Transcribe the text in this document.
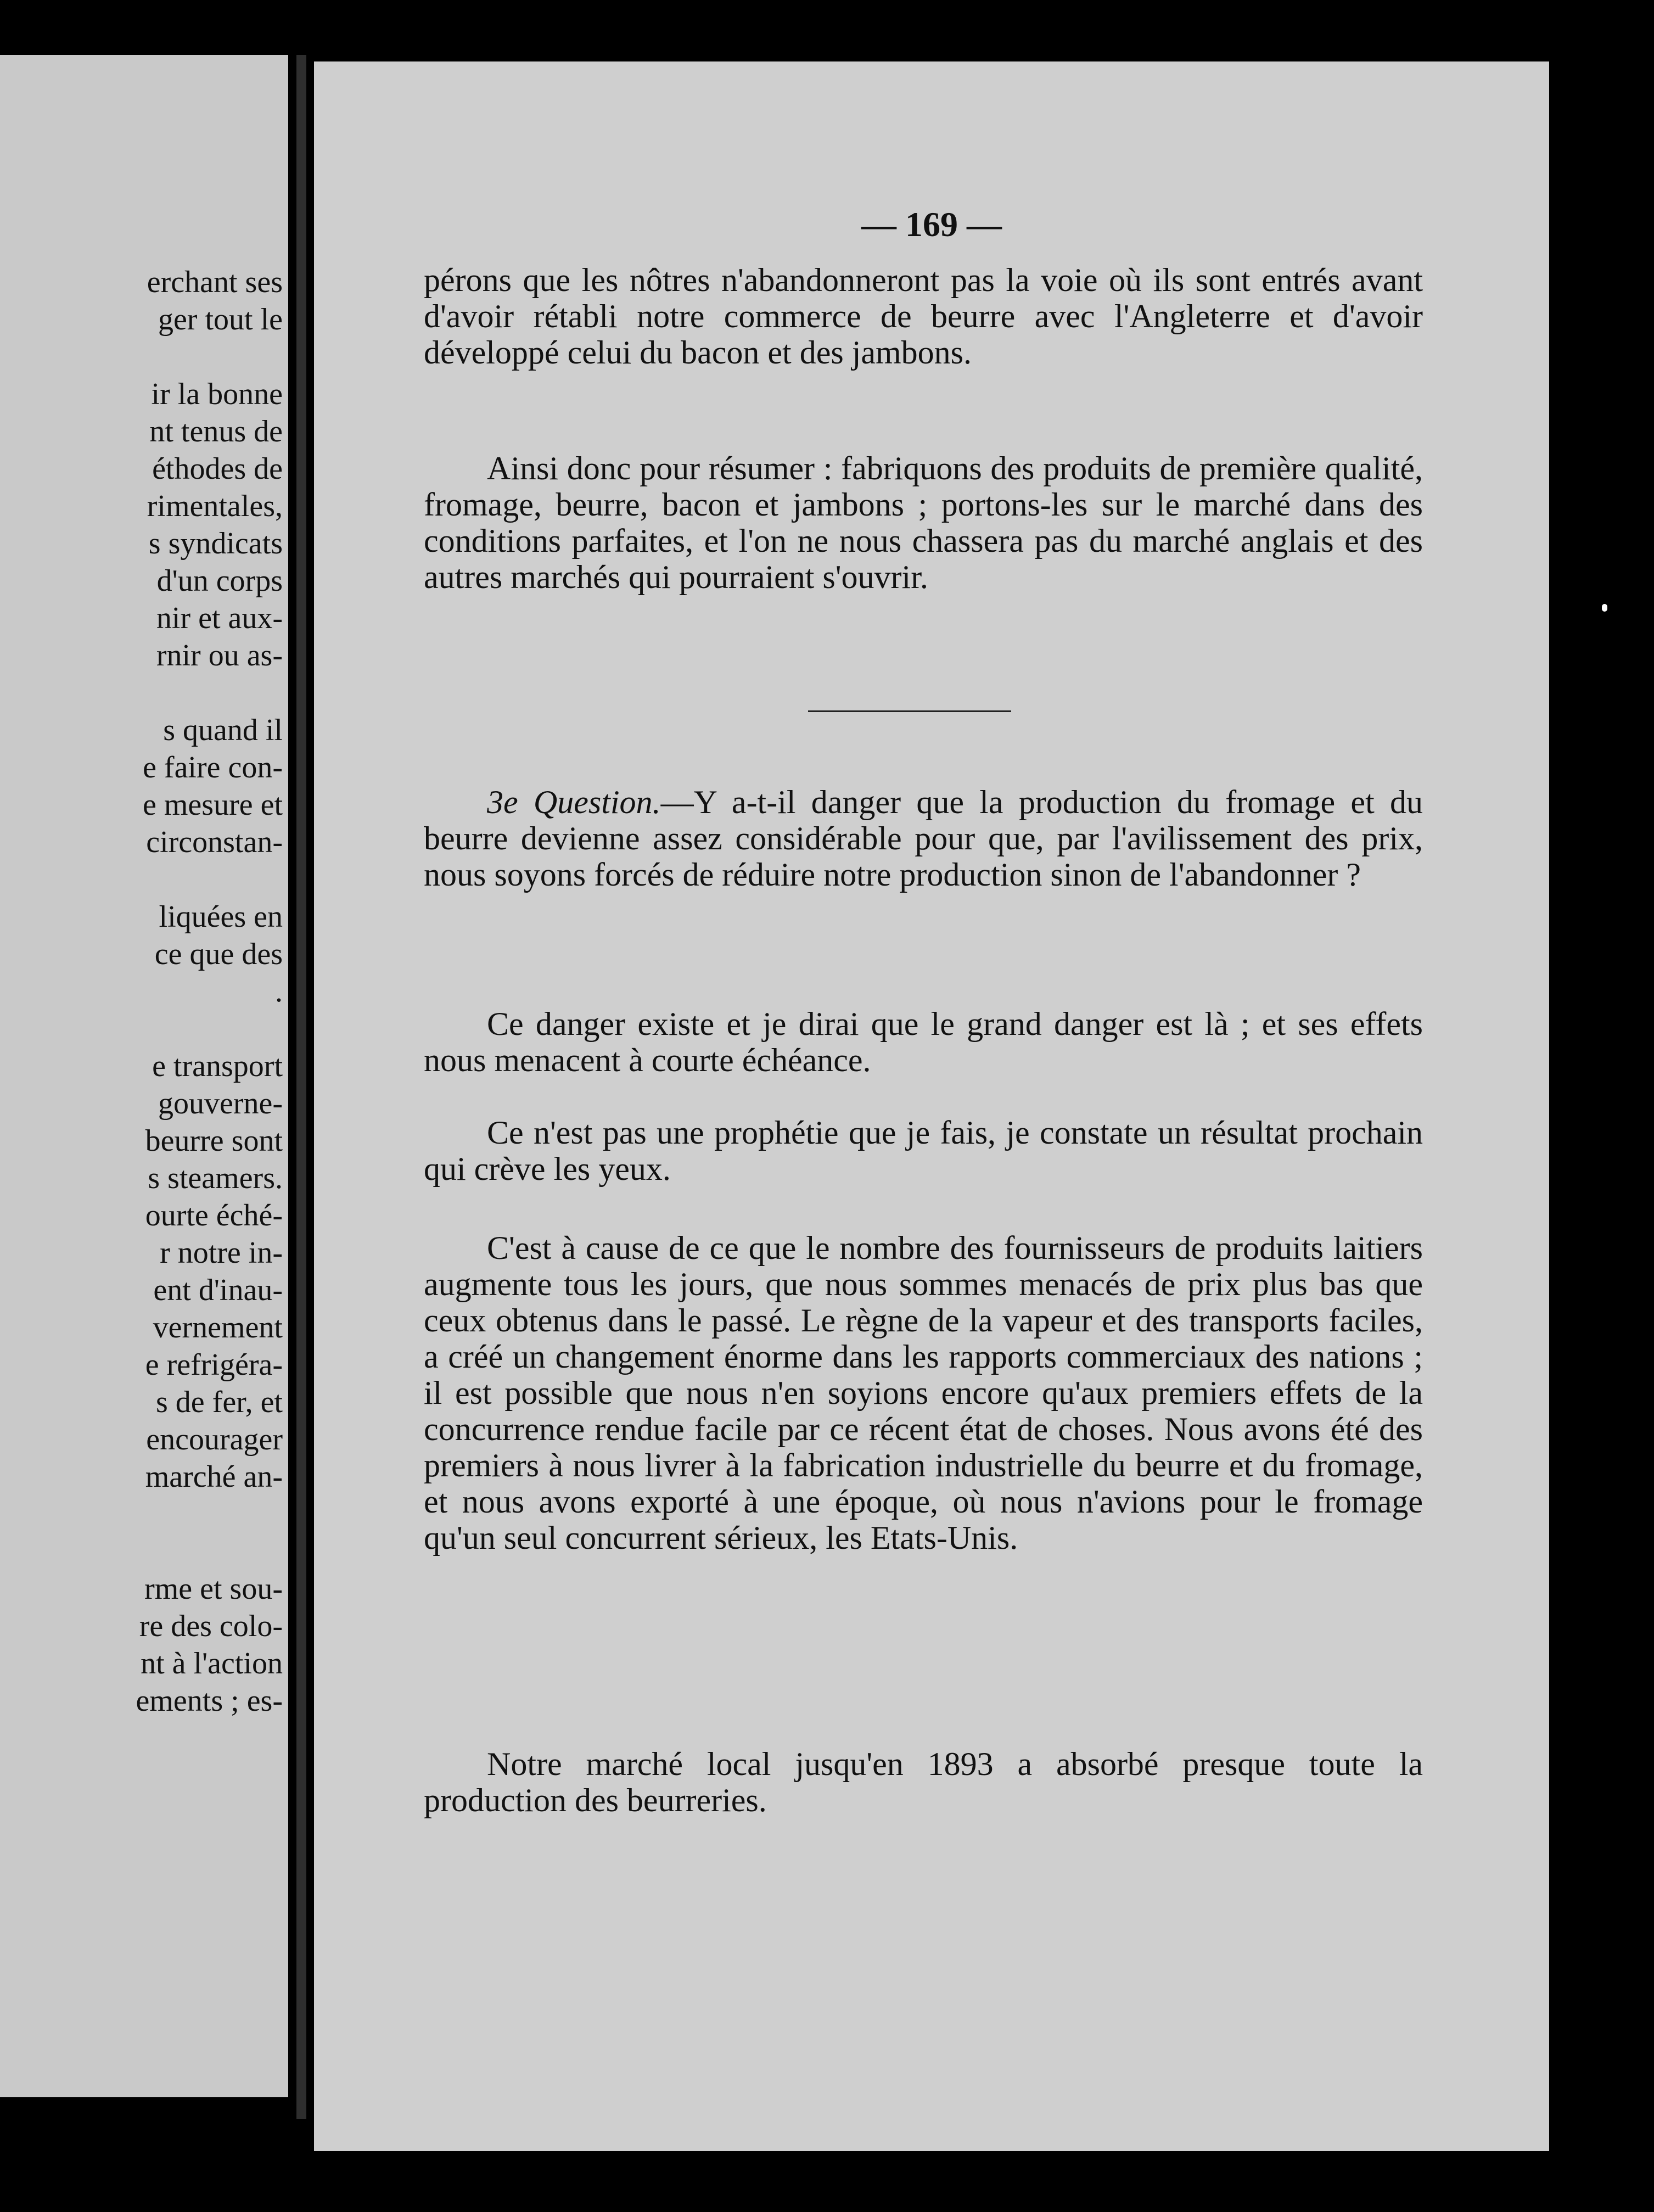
erchant ses
ger tout le

ir la bonne
nt tenus de
éthodes de
rimentales,
s syndicats
d'un corps
nir et aux-
rnir ou as-

s quand il
e faire con-
e mesure et
circonstan-

liquées en
ce que des
.

e transport
gouverne-
beurre sont
s steamers.
ourte éché-
r notre in-
ent d'inau-
vernement
e refrigéra-
s de fer, et
encourager
marché an-

rme et sou-
re des colo-
nt à l'action
ements ; es-
— 169 —

pérons que les nôtres n'abandonneront pas la voie où ils sont entrés avant d'avoir rétabli notre commerce de beurre avec l'Angleterre et d'avoir développé celui du bacon et des jambons.

Ainsi donc pour résumer : fabriquons des produits de première qualité, fromage, beurre, bacon et jambons ; portons-les sur le marché dans des conditions parfaites, et l'on ne nous chassera pas du marché anglais et des autres marchés qui pourraient s'ouvrir.

3e Question.—Y a-t-il danger que la production du fromage et du beurre devienne assez considérable pour que, par l'avilissement des prix, nous soyons forcés de réduire notre production sinon de l'abandonner ?

Ce danger existe et je dirai que le grand danger est là ; et ses effets nous menacent à courte échéance.

Ce n'est pas une prophétie que je fais, je constate un résultat prochain qui crève les yeux.

C'est à cause de ce que le nombre des fournisseurs de produits laitiers augmente tous les jours, que nous sommes menacés de prix plus bas que ceux obtenus dans le passé. Le règne de la vapeur et des transports faciles, a créé un changement énorme dans les rapports commerciaux des nations ; il est possible que nous n'en soyions encore qu'aux premiers effets de la concurrence rendue facile par ce récent état de choses. Nous avons été des premiers à nous livrer à la fabrication industrielle du beurre et du fromage, et nous avons exporté à une époque, où nous n'avions pour le fromage qu'un seul concurrent sérieux, les Etats-Unis.

Notre marché local jusqu'en 1893 a absorbé presque toute la production des beurreries.
